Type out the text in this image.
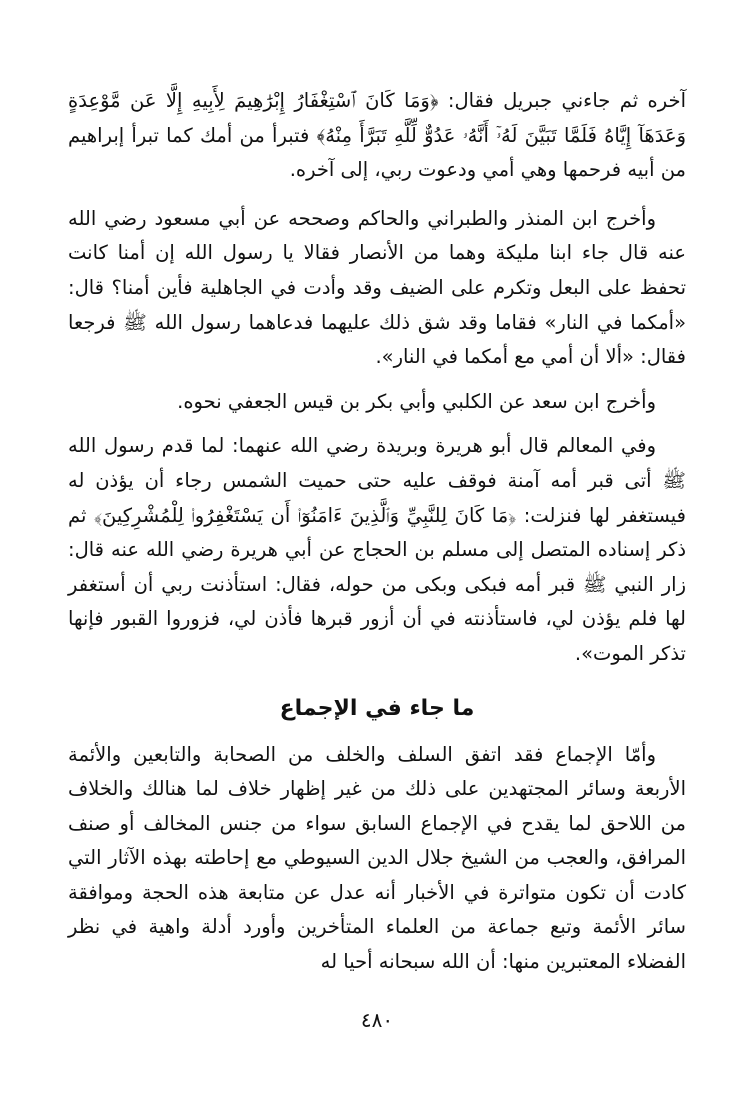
آخره ثم جاءني جبريل فقال: ﴿وَمَا كَانَ ٱسْتِغْفَارُ إِبْرَٰهِيمَ لِأَبِيهِ إِلَّا عَن مَّوْعِدَةٍ وَعَدَهَآ إِيَّاهُ فَلَمَّا تَبَيَّنَ لَهُۥٓ أَنَّهُۥ عَدُوٌّ لِّلَّهِ تَبَرَّأَ مِنْهُ﴾ فتبرأ من أمك كما تبرأ إبراهيم من أبيه فرحمها وهي أمي ودعوت ربي، إلى آخره.

وأخرج ابن المنذر والطبراني والحاكم وصححه عن أبي مسعود رضي الله عنه قال جاء ابنا مليكة وهما من الأنصار فقالا يا رسول الله إن أمنا كانت تحفظ على البعل وتكرم على الضيف وقد وأدت في الجاهلية فأين أمنا؟ قال: «أمكما في النار» فقاما وقد شق ذلك عليهما فدعاهما رسول الله ﷺ فرجعا فقال: «ألا أن أمي مع أمكما في النار».

وأخرج ابن سعد عن الكلبي وأبي بكر بن قيس الجعفي نحوه.

وفي المعالم قال أبو هريرة وبريدة رضي الله عنهما: لما قدم رسول الله ﷺ أتى قبر أمه آمنة فوقف عليه حتى حميت الشمس رجاء أن يؤذن له فيستغفر لها فنزلت: ﴿مَا كَانَ لِلنَّبِيِّ وَٱلَّذِينَ ءَامَنُوٓا۟ أَن يَسْتَغْفِرُوا۟ لِلْمُشْرِكِينَ﴾ ثم ذكر إسناده المتصل إلى مسلم بن الحجاج عن أبي هريرة رضي الله عنه قال: زار النبي ﷺ قبر أمه فبكى وبكى من حوله، فقال: استأذنت ربي أن أستغفر لها فلم يؤذن لي، فاستأذنته في أن أزور قبرها فأذن لي، فزوروا القبور فإنها تذكر الموت».

ما جاء في الإجماع

وأمّا الإجماع فقد اتفق السلف والخلف من الصحابة والتابعين والأئمة الأربعة وسائر المجتهدين على ذلك من غير إظهار خلاف لما هنالك والخلاف من اللاحق لما يقدح في الإجماع السابق سواء من جنس المخالف أو صنف المرافق، والعجب من الشيخ جلال الدين السيوطي مع إحاطته بهذه الآثار التي كادت أن تكون متواترة في الأخبار أنه عدل عن متابعة هذه الحجة وموافقة سائر الأئمة وتبع جماعة من العلماء المتأخرين وأورد أدلة واهية في نظر الفضلاء المعتبرين منها: أن الله سبحانه أحيا له

٤٨٠
